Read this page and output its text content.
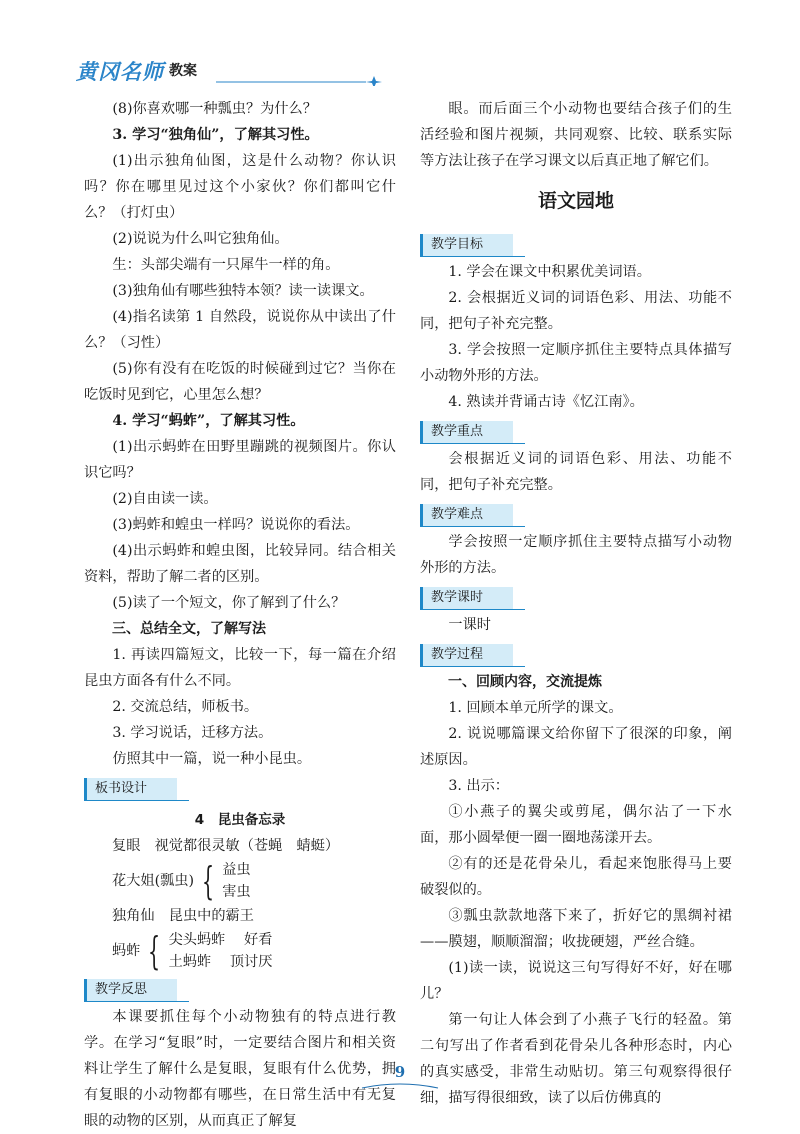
黄冈名师 教案

(8)你喜欢哪一种瓢虫？为什么？

3. 学习“独角仙”，了解其习性。

(1)出示独角仙图，这是什么动物？你认识吗？你在哪里见过这个小家伙？你们都叫它什么？（打灯虫）

(2)说说为什么叫它独角仙。

生：头部尖端有一只犀牛一样的角。

(3)独角仙有哪些独特本领？读一读课文。

(4)指名读第 1 自然段，说说你从中读出了什么？（习性）

(5)你有没有在吃饭的时候碰到过它？当你在吃饭时见到它，心里怎么想？

4. 学习“蚂蚱”，了解其习性。

(1)出示蚂蚱在田野里蹦跳的视频图片。你认识它吗？

(2)自由读一读。

(3)蚂蚱和蝗虫一样吗？说说你的看法。

(4)出示蚂蚱和蝗虫图，比较异同。结合相关资料，帮助了解二者的区别。

(5)读了一个短文，你了解到了什么？

三、总结全文，了解写法

1. 再读四篇短文，比较一下，每一篇在介绍昆虫方面各有什么不同。

2. 交流总结，师板书。

3. 学习说话，迁移方法。

仿照其中一篇，说一种小昆虫。

板书设计
4　昆虫备忘录

复眼　视觉都很灵敏（苍蝇　蜻蜓）

花大姐(瓢虫) { 益虫
害虫

独角仙　昆虫中的霸王

蚂蚱 { 尖头蚂蚱　 好看
土蚂蚱　 顶讨厌
教学反思

本课要抓住每个小动物独有的特点进行教学。在学习“复眼”时，一定要结合图片和相关资料让学生了解什么是复眼，复眼有什么优势，拥有复眼的小动物都有哪些，在日常生活中有无复眼的动物的区别，从而真正了解复

眼。而后面三个小动物也要结合孩子们的生活经验和图片视频，共同观察、比较、联系实际等方法让孩子在学习课文以后真正地了解它们。

语文园地
教学目标

1. 学会在课文中积累优美词语。

2. 会根据近义词的词语色彩、用法、功能不同，把句子补充完整。

3. 学会按照一定顺序抓住主要特点具体描写小动物外形的方法。

4. 熟读并背诵古诗《忆江南》。

教学重点

会根据近义词的词语色彩、用法、功能不同，把句子补充完整。

教学难点

学会按照一定顺序抓住主要特点描写小动物外形的方法。

教学课时

一课时

教学过程

一、回顾内容，交流提炼

1. 回顾本单元所学的课文。

2. 说说哪篇课文给你留下了很深的印象，阐述原因。

3. 出示：

①小燕子的翼尖或剪尾，偶尔沾了一下水面，那小圆晕便一圈一圈地荡漾开去。

②有的还是花骨朵儿，看起来饱胀得马上要破裂似的。

③瓢虫款款地落下来了，折好它的黑绸衬裙——膜翅，顺顺溜溜；收拢硬翅，严丝合缝。

(1)读一读，说说这三句写得好不好，好在哪儿？

第一句让人体会到了小燕子飞行的轻盈。第二句写出了作者看到花骨朵儿各种形态时，内心的真实感受，非常生动贴切。第三句观察得很仔细，描写得很细致，读了以后仿佛真的

9
